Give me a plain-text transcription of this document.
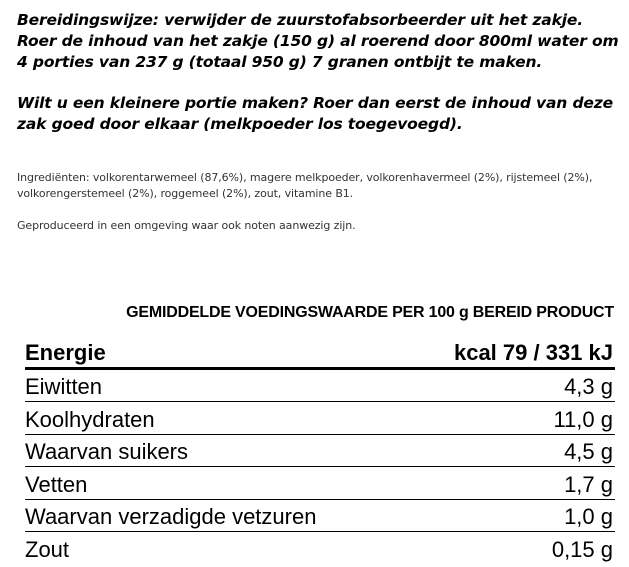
Bereidingswijze: verwijder de zuurstofabsorbeerder uit het zakje. Roer de inhoud van het zakje (150 g) al roerend door 800ml water om 4 porties van 237 g (totaal 950 g) 7 granen ontbijt te maken.

Wilt u een kleinere portie maken? Roer dan eerst de inhoud van deze zak goed door elkaar (melkpoeder los toegevoegd).

Ingrediënten: volkorentarwemeel (87,6%), magere melkpoeder, volkorenhavermeel (2%), rijstemeel (2%), volkorengerstemeel (2%), roggemeel (2%), zout, vitamine B1.

Geproduceerd in een omgeving waar ook noten aanwezig zijn.

GEMIDDELDE VOEDINGSWAARDE PER 100 g BEREID PRODUCT
Energie	kcal 79 / 331 kJ
Eiwitten	4,3 g
Koolhydraten	11,0 g
Waarvan suikers	4,5 g
Vetten	1,7 g
Waarvan verzadigde vetzuren	1,0 g
Zout	0,15 g
